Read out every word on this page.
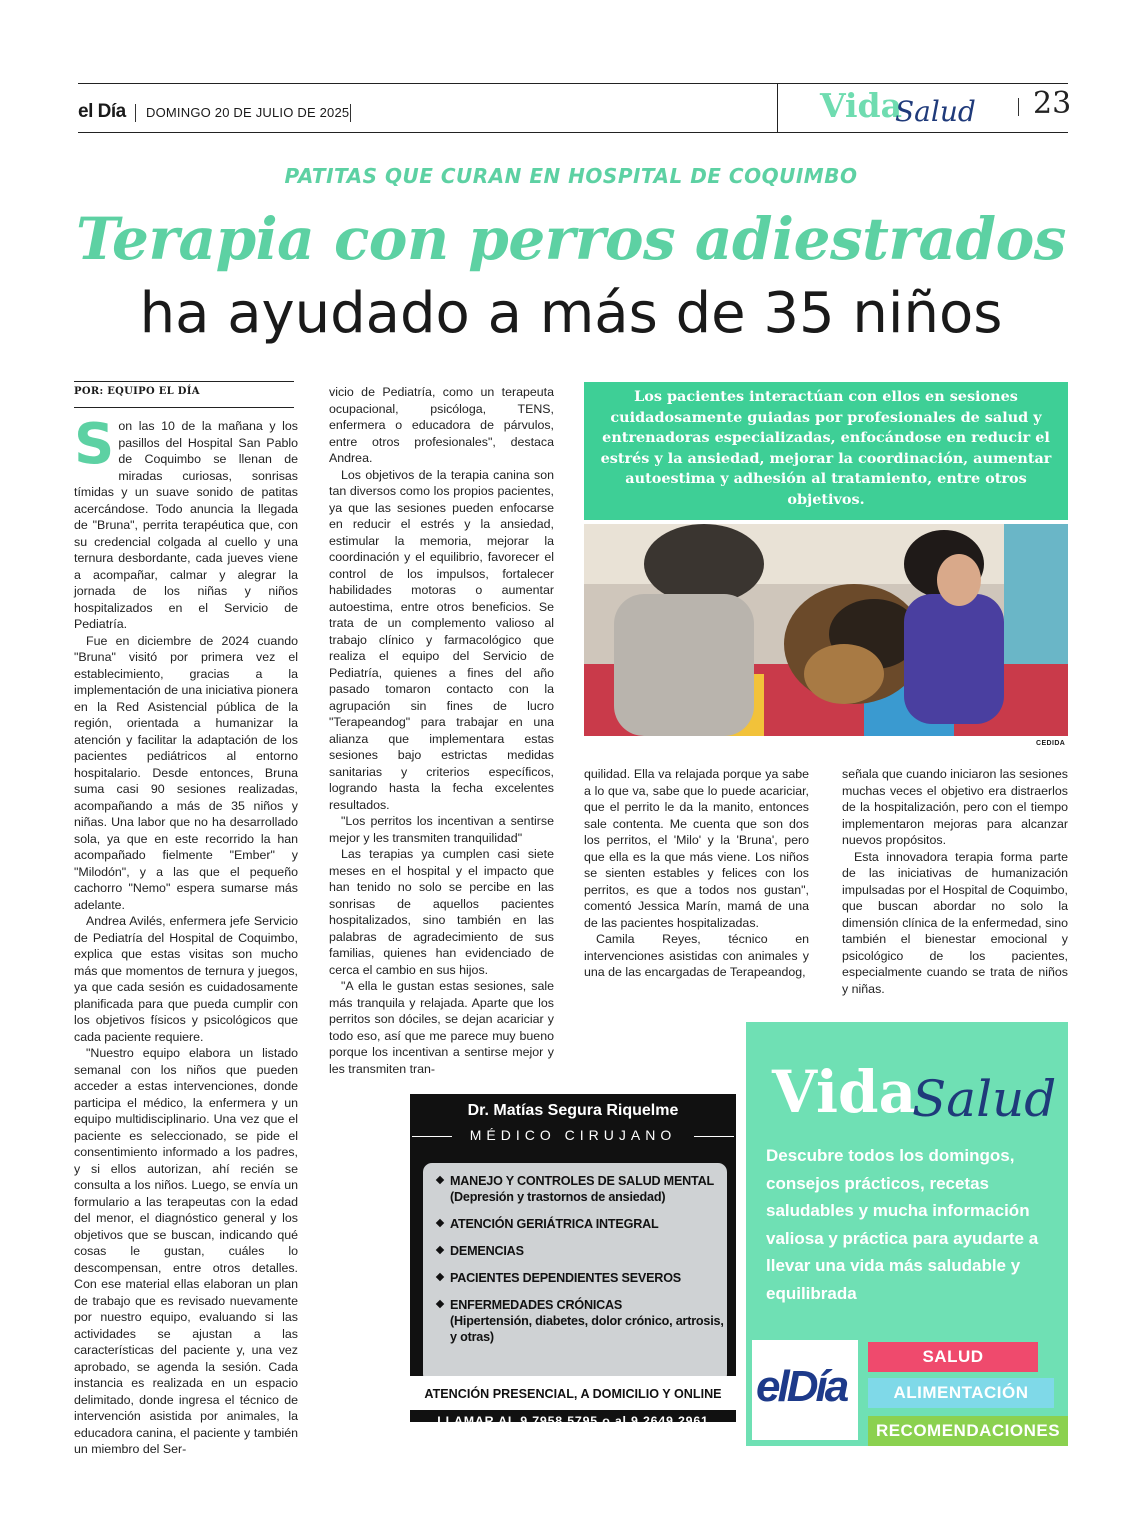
el Día DOMINGO 20 DE JULIO DE 2025	Vida
Salud 23
PATITAS QUE CURAN EN HOSPITAL DE COQUIMBO
Terapia con perros adiestrados
ha ayudado a más de 35 niños
POR: EQUIPO EL DÍA

Son las 10 de la mañana y los pasillos del Hospital San Pablo de Coquimbo se llenan de miradas curiosas, sonrisas tímidas y un suave sonido de patitas acercándose. Todo anuncia la llegada de "Bruna", perrita terapéutica que, con su credencial colgada al cuello y una ternura desbordante, cada jueves viene a acompañar, calmar y alegrar la jornada de los niñas y niños hospitalizados en el Servicio de Pediatría.

Fue en diciembre de 2024 cuando "Bruna" visitó por primera vez el establecimiento, gracias a la implementación de una iniciativa pionera en la Red Asistencial pública de la región, orientada a humanizar la atención y facilitar la adaptación de los pacientes pediátricos al entorno hospitalario. Desde entonces, Bruna suma casi 90 sesiones realizadas, acompañando a más de 35 niños y niñas. Una labor que no ha desarrollado sola, ya que en este recorrido la han acompañado fielmente "Ember" y "Milodón", y a las que el pequeño cachorro "Nemo" espera sumarse más adelante.

Andrea Avilés, enfermera jefe Servicio de Pediatría del Hospital de Coquimbo, explica que estas visitas son mucho más que momentos de ternura y juegos, ya que cada sesión es cuidadosamente planificada para que pueda cumplir con los objetivos físicos y psicológicos que cada paciente requiere.

"Nuestro equipo elabora un listado semanal con los niños que pueden acceder a estas intervenciones, donde participa el médico, la enfermera y un equipo multidisciplinario. Una vez que el paciente es seleccionado, se pide el consentimiento informado a los padres, y si ellos autorizan, ahí recién se consulta a los niños. Luego, se envía un formulario a las terapeutas con la edad del menor, el diagnóstico general y los objetivos que se buscan, indicando qué cosas le gustan, cuáles lo descompensan, entre otros detalles. Con ese material ellas elaboran un plan de trabajo que es revisado nuevamente por nuestro equipo, evaluando si las actividades se ajustan a las características del paciente y, una vez aprobado, se agenda la sesión. Cada instancia es realizada en un espacio delimitado, donde ingresa el técnico de intervención asistida por animales, la educadora canina, el paciente y también un miembro del Ser-

vicio de Pediatría, como un terapeuta ocupacional, psicóloga, TENS, enfermera o educadora de párvulos, entre otros profesionales", destaca Andrea.

Los objetivos de la terapia canina son tan diversos como los propios pacientes, ya que las sesiones pueden enfocarse en reducir el estrés y la ansiedad, estimular la memoria, mejorar la coordinación y el equilibrio, favorecer el control de los impulsos, fortalecer habilidades motoras o aumentar autoestima, entre otros beneficios. Se trata de un complemento valioso al trabajo clínico y farmacológico que realiza el equipo del Servicio de Pediatría, quienes a fines del año pasado tomaron contacto con la agrupación sin fines de lucro "Terapeandog" para trabajar en una alianza que implementara estas sesiones bajo estrictas medidas sanitarias y criterios específicos, logrando hasta la fecha excelentes resultados.

"Los perritos los incentivan a sentirse mejor y les transmiten tranquilidad"

Las terapias ya cumplen casi siete meses en el hospital y el impacto que han tenido no solo se percibe en las sonrisas de aquellos pacientes hospitalizados, sino también en las palabras de agradecimiento de sus familias, quienes han evidenciado de cerca el cambio en sus hijos.

"A ella le gustan estas sesiones, sale más tranquila y relajada. Aparte que los perritos son dóciles, se dejan acariciar y todo eso, así que me parece muy bueno porque los incentivan a sentirse mejor y les transmiten tran-

Los pacientes interactúan con ellos en sesiones cuidadosamente guiadas por profesionales de salud y entrenadoras especializadas, enfocándose en reducir el estrés y la ansiedad, mejorar la coordinación, aumentar autoestima y adhesión al tratamiento, entre otros objetivos.
CEDIDA

quilidad. Ella va relajada porque ya sabe a lo que va, sabe que lo puede acariciar, que el perrito le da la manito, entonces sale contenta. Me cuenta que son dos los perritos, el 'Milo' y la 'Bruna', pero que ella es la que más viene. Los niños se sienten estables y felices con los perritos, es que a todos nos gustan", comentó Jessica Marín, mamá de una de las pacientes hospitalizadas.

Camila Reyes, técnico en intervenciones asistidas con animales y una de las encargadas de Terapeandog,

señala que cuando iniciaron las sesiones muchas veces el objetivo era distraerlos de la hospitalización, pero con el tiempo implementaron mejoras para alcanzar nuevos propósitos.

Esta innovadora terapia forma parte de las iniciativas de humanización impulsadas por el Hospital de Coquimbo, que buscan abordar no solo la dimensión clínica de la enfermedad, sino también el bienestar emocional y psicológico de los pacientes, especialmente cuando se trata de niños y niñas.

Dr. Matías Segura Riquelme
MÉDICO CIRUJANO
MANEJO Y CONTROLES DE SALUD MENTAL
(Depresión y trastornos de ansiedad)
ATENCIÓN GERIÁTRICA INTEGRAL
DEMENCIAS
PACIENTES DEPENDIENTES SEVEROS
ENFERMEDADES CRÓNICAS
(Hipertensión, diabetes, dolor crónico, artrosis,
y otras)
ATENCIÓN PRESENCIAL, A DOMICILIO Y ONLINE
LLAMAR AL 9 7958 5795 o al 9 2649 2961
BALMACEDA 1622 LA SERENA
Vida
Salud
Descubre todos los domingos, consejos prácticos, recetas saludables y mucha información valiosa y práctica para ayudarte a llevar una vida más saludable y equilibrada
elDía
SALUD
ALIMENTACIÓN
RECOMENDACIONES
